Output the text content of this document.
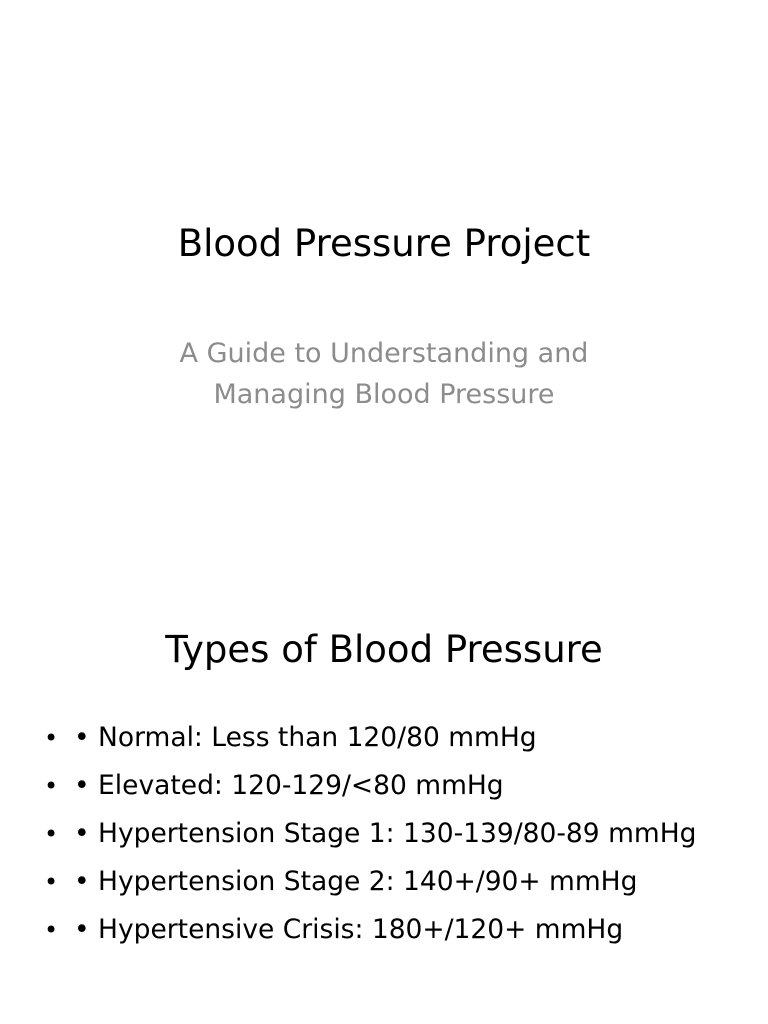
Blood Pressure Project

A Guide to Understanding and Managing Blood Pressure

Types of Blood Pressure
• • Normal: Less than 120/80 mmHg
• • Elevated: 120-129/<80 mmHg
• • Hypertension Stage 1: 130-139/80-89 mmHg
• • Hypertension Stage 2: 140+/90+ mmHg
• • Hypertensive Crisis: 180+/120+ mmHg
